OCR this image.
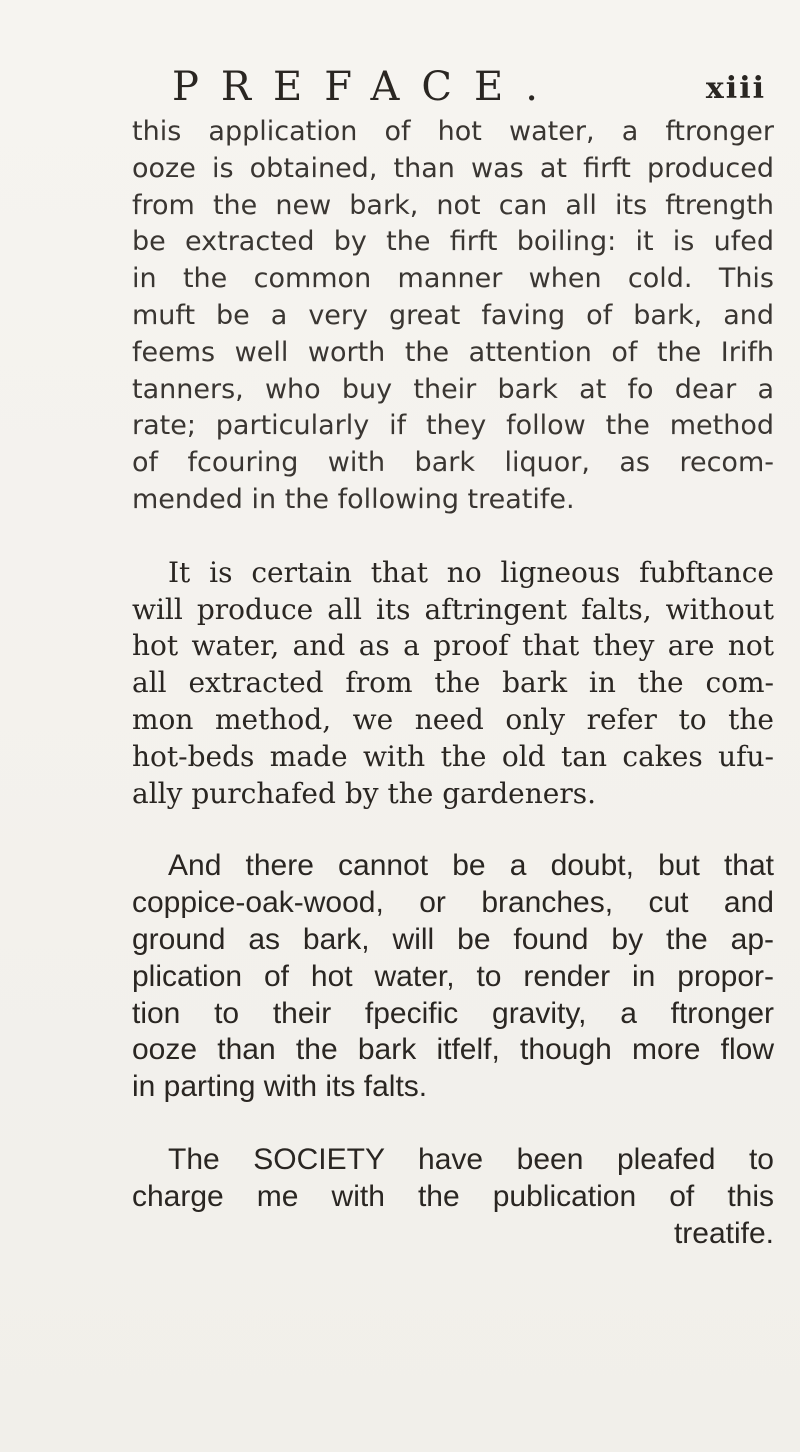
PREFACE.	xiii
this application of hot water, a ftronger
ooze is obtained, than was at firft produced
from the new bark, not can all its ftrength
be extracted by the firft boiling: it is ufed
in the common manner when cold. This
muft be a very great faving of bark, and
feems well worth the attention of the Irifh
tanners, who buy their bark at fo dear a
rate; particularly if they follow the method
of fcouring with bark liquor, as recom-
mended in the following treatife.
It is certain that no ligneous fubftance
will produce all its aftringent falts, without
hot water, and as a proof that they are not
all extracted from the bark in the com-
mon method, we need only refer to the
hot-beds made with the old tan cakes ufu-
ally purchafed by the gardeners.
And there cannot be a doubt, but that
coppice-oak-wood, or branches, cut and
ground as bark, will be found by the ap-
plication of hot water, to render in propor-
tion to their fpecific gravity, a ftronger
ooze than the bark itfelf, though more flow
in parting with its falts.
The SOCIETY have been pleafed to
charge me with the publication of this
treatife.
